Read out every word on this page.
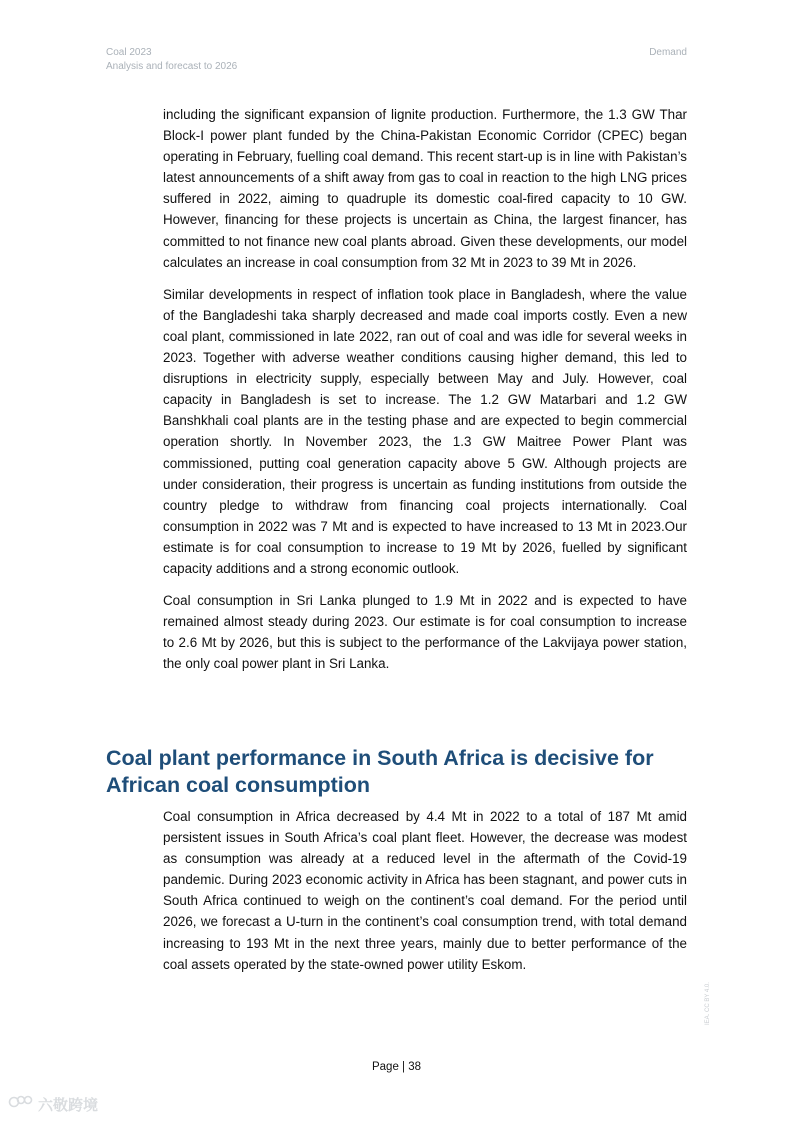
Coal 2023
Analysis and forecast to 2026
Demand

including the significant expansion of lignite production. Furthermore, the 1.3 GW Thar Block-I power plant funded by the China-Pakistan Economic Corridor (CPEC) began operating in February, fuelling coal demand. This recent start-up is in line with Pakistan’s latest announcements of a shift away from gas to coal in reaction to the high LNG prices suffered in 2022, aiming to quadruple its domestic coal-fired capacity to 10 GW. However, financing for these projects is uncertain as China, the largest financer, has committed to not finance new coal plants abroad. Given these developments, our model calculates an increase in coal consumption from 32 Mt in 2023 to 39 Mt in 2026.

Similar developments in respect of inflation took place in Bangladesh, where the value of the Bangladeshi taka sharply decreased and made coal imports costly. Even a new coal plant, commissioned in late 2022, ran out of coal and was idle for several weeks in 2023. Together with adverse weather conditions causing higher demand, this led to disruptions in electricity supply, especially between May and July. However, coal capacity in Bangladesh is set to increase. The 1.2 GW Matarbari and 1.2 GW Banshkhali coal plants are in the testing phase and are expected to begin commercial operation shortly. In November 2023, the 1.3 GW Maitree Power Plant was commissioned, putting coal generation capacity above 5 GW. Although projects are under consideration, their progress is uncertain as funding institutions from outside the country pledge to withdraw from financing coal projects internationally. Coal consumption in 2022 was 7 Mt and is expected to have increased to 13 Mt in 2023.Our estimate is for coal consumption to increase to 19 Mt by 2026, fuelled by significant capacity additions and a strong economic outlook.

Coal consumption in Sri Lanka plunged to 1.9 Mt in 2022 and is expected to have remained almost steady during 2023. Our estimate is for coal consumption to increase to 2.6 Mt by 2026, but this is subject to the performance of the Lakvijaya power station, the only coal power plant in Sri Lanka.

Coal plant performance in South Africa is decisive for African coal consumption

Coal consumption in Africa decreased by 4.4 Mt in 2022 to a total of 187 Mt amid persistent issues in South Africa’s coal plant fleet. However, the decrease was modest as consumption was already at a reduced level in the aftermath of the Covid-19 pandemic. During 2023 economic activity in Africa has been stagnant, and power cuts in South Africa continued to weigh on the continent’s coal demand. For the period until 2026, we forecast a U-turn in the continent’s coal consumption trend, with total demand increasing to 193 Mt in the next three years, mainly due to better performance of the coal assets operated by the state-owned power utility Eskom.

Page | 38
IEA. CC BY 4.0.
六敬跨境
